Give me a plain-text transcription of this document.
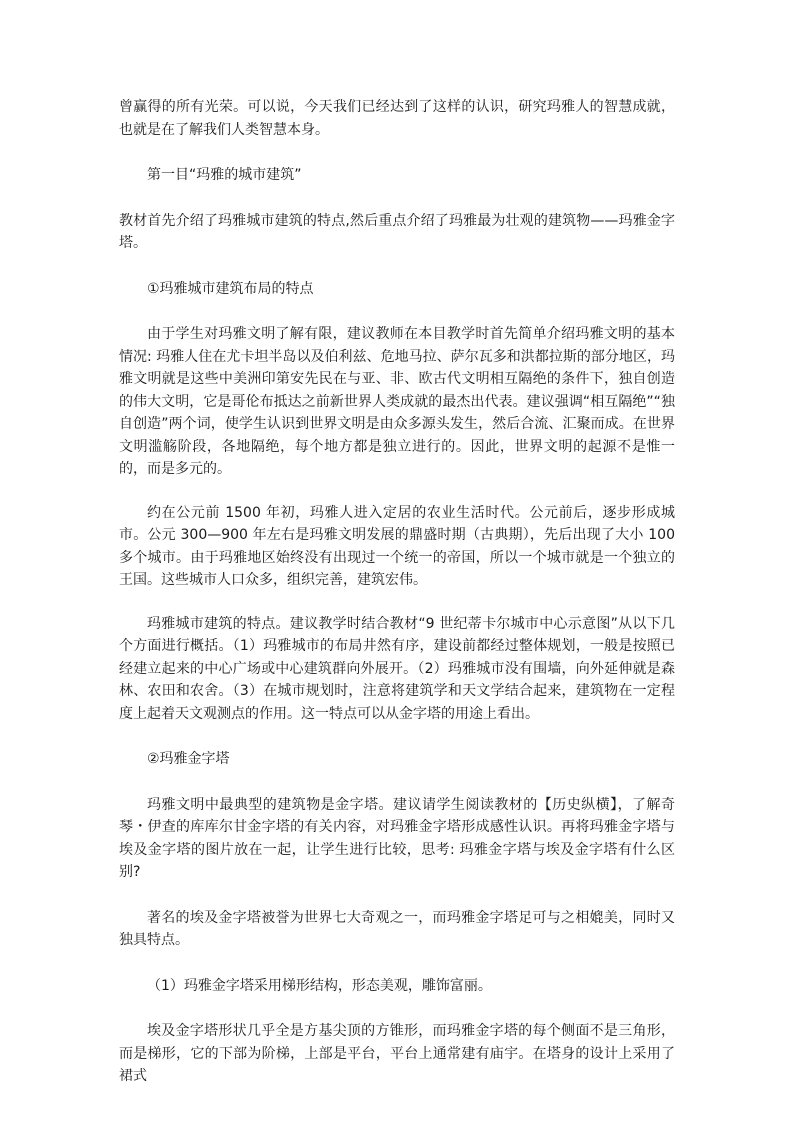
曾赢得的所有光荣。可以说，今天我们已经达到了这样的认识，研究玛雅人的智慧成就，也就是在了解我们人类智慧本身。

第一目“玛雅的城市建筑”

教材首先介绍了玛雅城市建筑的特点,然后重点介绍了玛雅最为壮观的建筑物——玛雅金字塔。

①玛雅城市建筑布局的特点

由于学生对玛雅文明了解有限，建议教师在本目教学时首先简单介绍玛雅文明的基本情况: 玛雅人住在尤卡坦半岛以及伯利兹、危地马拉、萨尔瓦多和洪都拉斯的部分地区，玛雅文明就是这些中美洲印第安先民在与亚、非、欧古代文明相互隔绝的条件下，独自创造的伟大文明，它是哥伦布抵达之前新世界人类成就的最杰出代表。建议强调“相互隔绝”“独自创造”两个词，使学生认识到世界文明是由众多源头发生，然后合流、汇聚而成。在世界文明滥觞阶段，各地隔绝，每个地方都是独立进行的。因此，世界文明的起源不是惟一的，而是多元的。

约在公元前 1500 年初，玛雅人进入定居的农业生活时代。公元前后，逐步形成城市。公元 300—900 年左右是玛雅文明发展的鼎盛时期（古典期），先后出现了大小 100 多个城市。由于玛雅地区始终没有出现过一个统一的帝国，所以一个城市就是一个独立的王国。这些城市人口众多，组织完善，建筑宏伟。

玛雅城市建筑的特点。建议教学时结合教材“9 世纪蒂卡尔城市中心示意图”从以下几个方面进行概括。（1）玛雅城市的布局井然有序，建设前都经过整体规划，一般是按照已经建立起来的中心广场或中心建筑群向外展开。（2）玛雅城市没有围墙，向外延伸就是森林、农田和农舍。（3）在城市规划时，注意将建筑学和天文学结合起来，建筑物在一定程度上起着天文观测点的作用。这一特点可以从金字塔的用途上看出。

②玛雅金字塔

玛雅文明中最典型的建筑物是金字塔。建议请学生阅读教材的【历史纵横】，了解奇琴・伊查的库库尔甘金字塔的有关内容，对玛雅金字塔形成感性认识。再将玛雅金字塔与埃及金字塔的图片放在一起，让学生进行比较，思考: 玛雅金字塔与埃及金字塔有什么区别?

著名的埃及金字塔被誉为世界七大奇观之一，而玛雅金字塔足可与之相媲美，同时又独具特点。

（1）玛雅金字塔采用梯形结构，形态美观，雕饰富丽。

埃及金字塔形状几乎全是方基尖顶的方锥形，而玛雅金字塔的每个侧面不是三角形，而是梯形，它的下部为阶梯，上部是平台，平台上通常建有庙宇。在塔身的设计上采用了裙式
